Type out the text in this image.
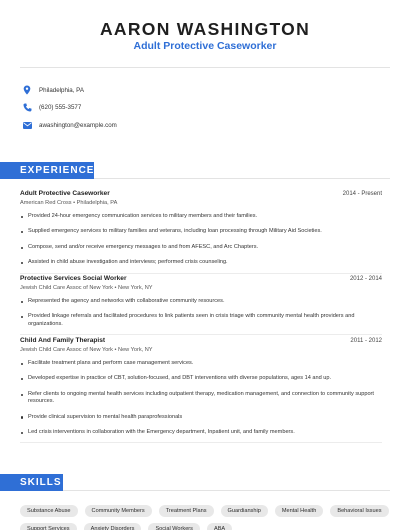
AARON WASHINGTON
Adult Protective Caseworker
Philadelphia, PA
(620) 555-3577
awashington@example.com
EXPERIENCE
Adult Protective Caseworker	2014 - Present
American Red Cross • Philadelphia, PA
Provided 24-hour emergency communication services to military members and their families.
Supplied emergency services to military families and veterans, including loan processing through Military Aid Societies.
Compose, send and/or receive emergency messages to and from AFESC, and Arc Chapters.
Assisted in child abuse investigation and interviews; performed crisis counseling.
Protective Services Social Worker	2012 - 2014
Jewish Child Care Assoc of New York • New York, NY
Represented the agency and networks with collaborative community resources.
Provided linkage referrals and facilitated procedures to link patients seen in crisis triage with community mental health providers and organizations.
Child And Family Therapist	2011 - 2012
Jewish Child Care Assoc of New York • New York, NY
Facilitate treatment plans and perform case management services.
Developed expertise in practice of CBT, solution-focused, and DBT interventions with diverse populations, ages 14 and up.
Refer clients to ongoing mental health services including outpatient therapy, medication management, and connection to community support resources.
Provide clinical supervision to mental health paraprofessionals
Led crisis interventions in collaboration with the Emergency department, Inpatient unit, and family members.
SKILLS
Substance Abuse	Community Members	Treatment Plans	Guardianship	Mental Health	Behavioral Issues
Support Services	Anxiety Disorders	Social Workers	ABA
